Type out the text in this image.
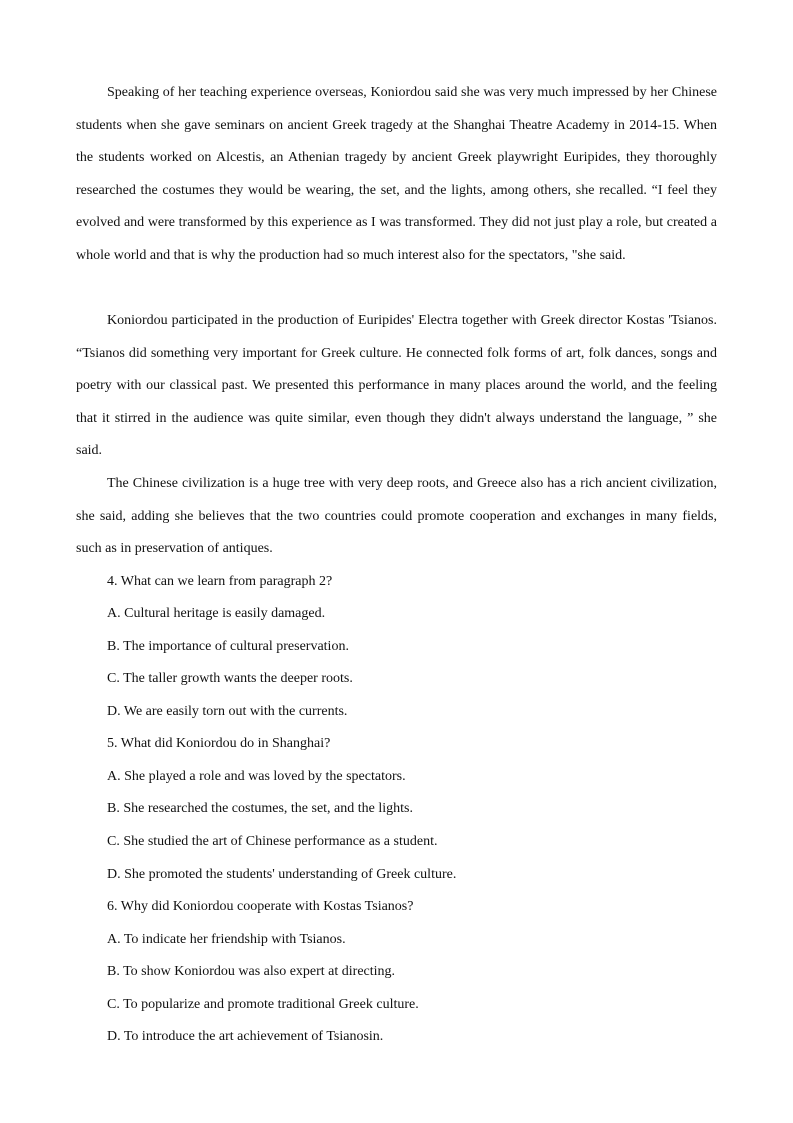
Speaking of her teaching experience overseas, Koniordou said she was very much impressed by her Chinese students when she gave seminars on ancient Greek tragedy at the Shanghai Theatre Academy in 2014-15. When the students worked on Alcestis, an Athenian tragedy by ancient Greek playwright Euripides, they thoroughly researched the costumes they would be wearing, the set, and the lights, among others, she recalled. “I feel they evolved and were transformed by this experience as I was transformed. They did not just play a role, but created a whole world and that is why the production had so much interest also for the spectators, "she said.

Koniordou participated in the production of Euripides' Electra together with Greek director Kostas 'Tsianos. “Tsianos did something very important for Greek culture. He connected folk forms of art, folk dances, songs and poetry with our classical past. We presented this performance in many places around the world, and the feeling that it stirred in the audience was quite similar, even though they didn't always understand the language, ” she said.

The Chinese civilization is a huge tree with very deep roots, and Greece also has a rich ancient civilization, she said, adding she believes that the two countries could promote cooperation and exchanges in many fields, such as in preservation of antiques.

4. What can we learn from paragraph 2?

A. Cultural heritage is easily damaged.

B. The importance of cultural preservation.

C. The taller growth wants the deeper roots.

D. We are easily torn out with the currents.

5. What did Koniordou do in Shanghai?

A. She played a role and was loved by the spectators.

B. She researched the costumes, the set, and the lights.

C. She studied the art of Chinese performance as a student.

D. She promoted the students' understanding of Greek culture.

6. Why did Koniordou cooperate with Kostas Tsianos?

A. To indicate her friendship with Tsianos.

B. To show Koniordou was also expert at directing.

C. To popularize and promote traditional Greek culture.

D. To introduce the art achievement of Tsianosin.
